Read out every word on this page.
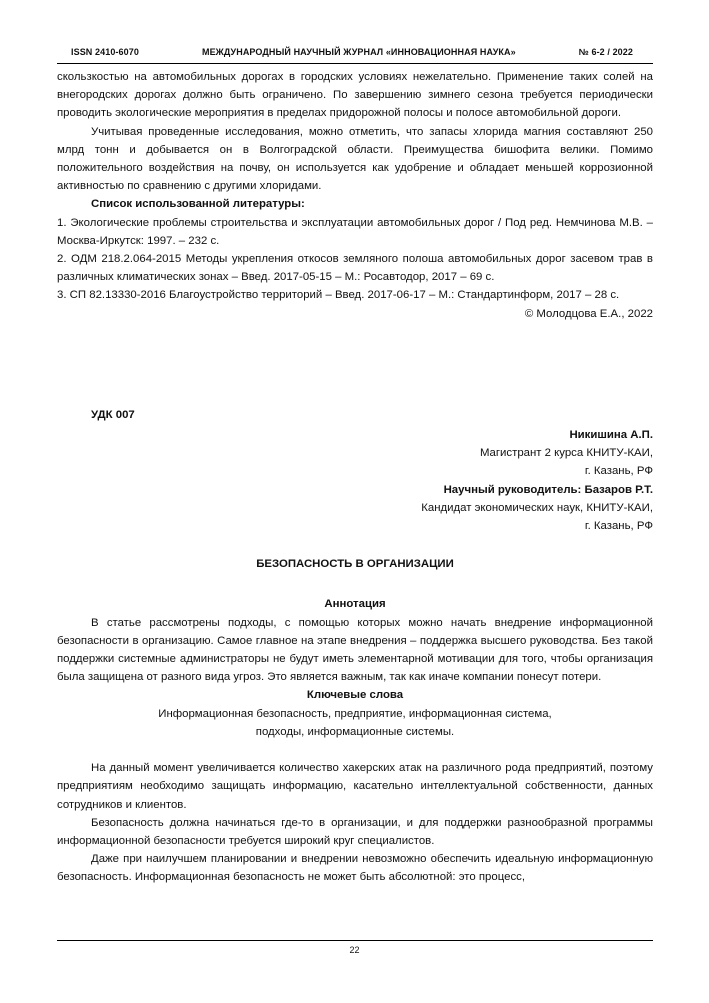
ISSN 2410-6070	МЕЖДУНАРОДНЫЙ НАУЧНЫЙ ЖУРНАЛ «ИННОВАЦИОННАЯ НАУКА»	№ 6-2 / 2022

скользкостью на автомобильных дорогах в городских условиях нежелательно. Применение таких солей на внегородских дорогах должно быть ограничено. По завершению зимнего сезона требуется периодически проводить экологические мероприятия в пределах придорожной полосы и полосе автомобильной дороги.

Учитывая проведенные исследования, можно отметить, что запасы хлорида магния составляют 250 млрд тонн и добывается он в Волгоградской области. Преимущества бишофита велики. Помимо положительного воздействия на почву, он используется как удобрение и обладает меньшей коррозионной активностью по сравнению с другими хлоридами.

Список использованной литературы:

1. Экологические проблемы строительства и эксплуатации автомобильных дорог / Под ред. Немчинова М.В. – Москва-Иркутск: 1997. – 232 с.

2. ОДМ 218.2.064-2015 Методы укрепления откосов земляного полоша автомобильных дорог засевом трав в различных климатических зонах – Введ. 2017-05-15 – М.: Росавтодор, 2017 – 69 с.

3. СП 82.13330-2016 Благоустройство территорий – Введ. 2017-06-17 – М.: Стандартинформ, 2017 – 28 с.

© Молодцова Е.А., 2022

УДК 007

Никишина А.П.

Магистрант 2 курса КНИТУ-КАИ,

г. Казань, РФ

Научный руководитель: Базаров Р.Т.

Кандидат экономических наук, КНИТУ-КАИ,

г. Казань, РФ

БЕЗОПАСНОСТЬ В ОРГАНИЗАЦИИ

Аннотация

В статье рассмотрены подходы, с помощью которых можно начать внедрение информационной безопасности в организацию. Самое главное на этапе внедрения – поддержка высшего руководства. Без такой поддержки системные администраторы не будут иметь элементарной мотивации для того, чтобы организация была защищена от разного вида угроз. Это является важным, так как иначе компании понесут потери.

Ключевые слова

Информационная безопасность, предприятие, информационная система,

подходы, информационные системы.

На данный момент увеличивается количество хакерских атак на различного рода предприятий, поэтому предприятиям необходимо защищать информацию, касательно интеллектуальной собственности, данных сотрудников и клиентов.

Безопасность должна начинаться где-то в организации, и для поддержки разнообразной программы информационной безопасности требуется широкий круг специалистов.

Даже при наилучшем планировании и внедрении невозможно обеспечить идеальную информационную безопасность. Информационная безопасность не может быть абсолютной: это процесс,

22
